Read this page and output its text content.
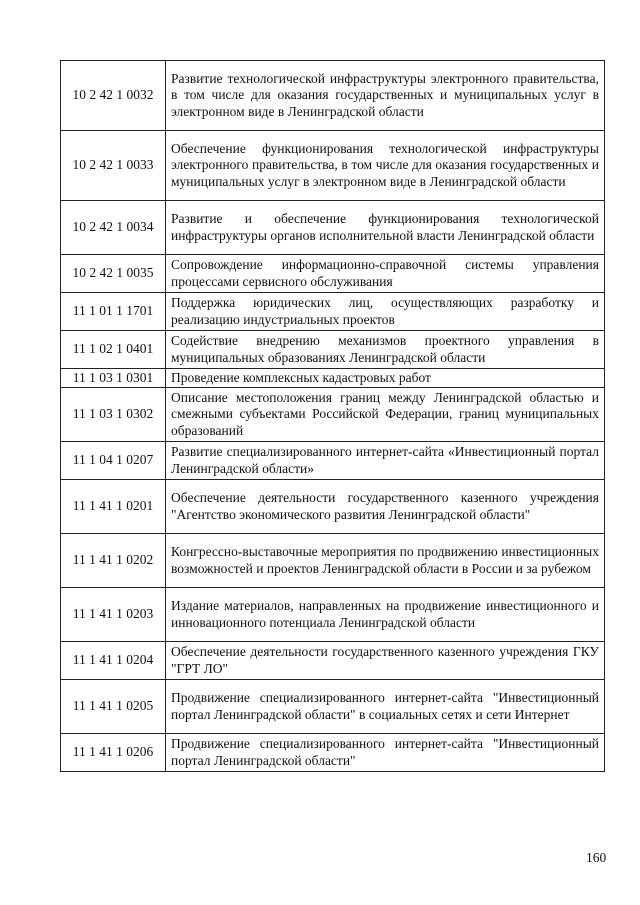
10 2 42 1 0032	Развитие технологической инфраструктуры электронного правительства, в том числе для оказания государственных и муниципальных услуг в электронном виде в Ленинградской области
10 2 42 1 0033	Обеспечение функционирования технологической инфраструктуры электронного правительства, в том числе для оказания государственных и муниципальных услуг в электронном виде в Ленинградской области
10 2 42 1 0034	Развитие и обеспечение функционирования технологической инфраструктуры органов исполнительной власти Ленинградской области
10 2 42 1 0035	Сопровождение информационно-справочной системы управления процессами сервисного обслуживания
11 1 01 1 1701	Поддержка юридических лиц, осуществляющих разработку и реализацию индустриальных проектов
11 1 02 1 0401	Содействие внедрению механизмов проектного управления в муниципальных образованиях Ленинградской области
11 1 03 1 0301	Проведение комплексных кадастровых работ
11 1 03 1 0302	Описание местоположения границ между Ленинградской областью и смежными субъектами Российской Федерации, границ муниципальных образований
11 1 04 1 0207	Развитие специализированного интернет-сайта «Инвестиционный портал Ленинградской области»
11 1 41 1 0201	Обеспечение деятельности государственного казенного учреждения "Агентство экономического развития Ленинградской области"
11 1 41 1 0202	Конгрессно-выставочные мероприятия по продвижению инвестиционных возможностей и проектов Ленинградской области в России и за рубежом
11 1 41 1 0203	Издание материалов, направленных на продвижение инвестиционного и инновационного потенциала Ленинградской области
11 1 41 1 0204	Обеспечение деятельности государственного казенного учреждения ГКУ "ГРТ ЛО"
11 1 41 1 0205	Продвижение специализированного интернет-сайта "Инвестиционный портал Ленинградской области" в социальных сетях и сети Интернет
11 1 41 1 0206	Продвижение специализированного интернет-сайта "Инвестиционный портал Ленинградской области"
160
